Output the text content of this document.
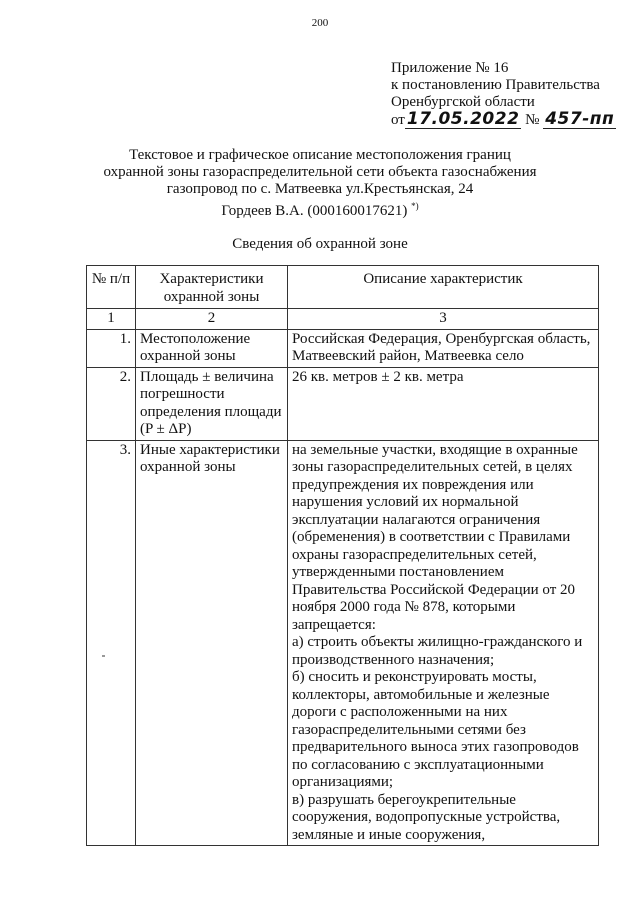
200
Приложение № 16
к постановлению Правительства
Оренбургской области
от 17.05.2022 № 457-пп
Текстовое и графическое описание местоположения границ
охранной зоны газораспределительной сети объекта газоснабжения
газопровод по с. Матвеевка ул.Крестьянская, 24
Гордеев В.А. (000160017621) *)
Сведения об охранной зоне
№ п/п	Характеристики охранной зоны	Описание характеристик
1	2	3
1.	Местоположение охранной зоны	Российская Федерация, Оренбургская область, Матвеевский район, Матвеевка село
2.	Площадь ± величина погрешности определения площади (P ± ΔP)	26 кв. метров ± 2 кв. метра
3.	Иные характеристики охранной зоны	на земельные участки, входящие в охранные зоны газораспределительных сетей, в целях предупреждения их повреждения или нарушения условий их нормальной эксплуатации налагаются ограничения (обременения) в соответствии с Правилами охраны газораспределительных сетей, утвержденными постановлением Правительства Российской Федерации от 20 ноября 2000 года № 878, которыми запрещается:

а) строить объекты жилищно-гражданского и производственного назначения;

б) сносить и реконструировать мосты, коллекторы, автомобильные и железные дороги с расположенными на них газораспределительными сетями без предварительного выноса этих газопроводов по согласованию с эксплуатационными организациями;

в) разрушать берегоукрепительные сооружения, водопропускные устройства, земляные и иные сооружения,
